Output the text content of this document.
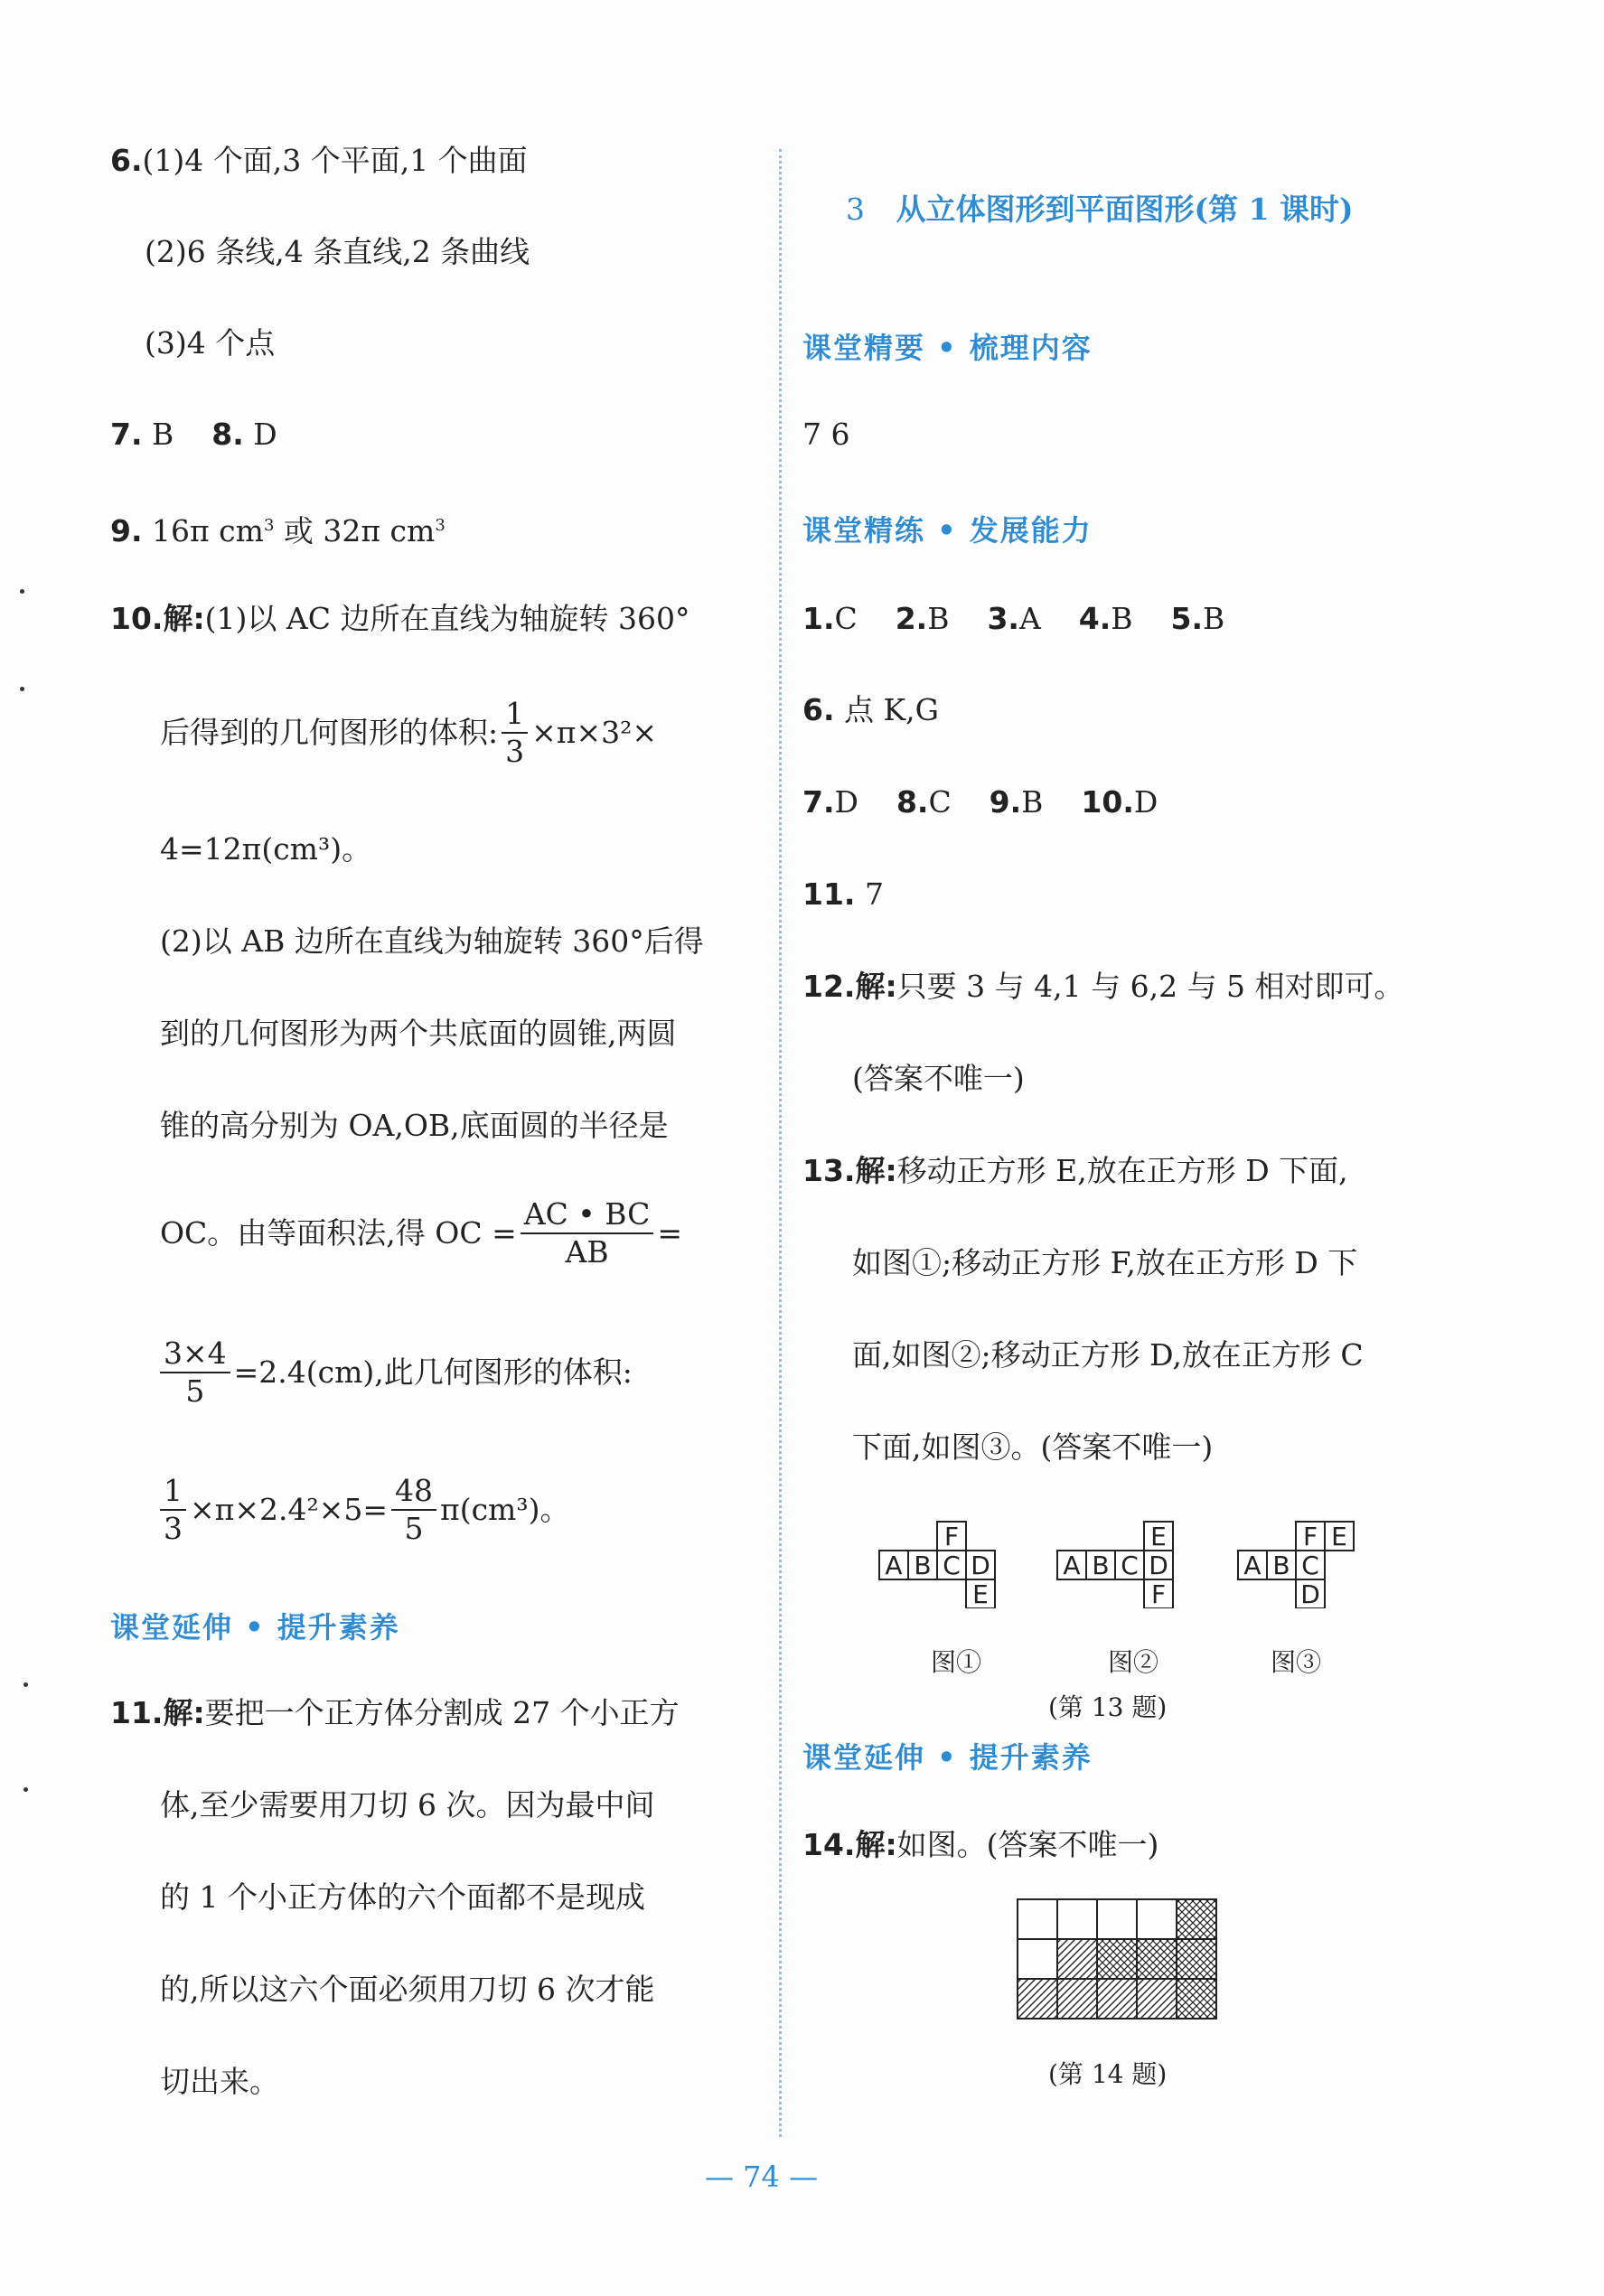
6.(1)4 个面,3 个平面,1 个曲面
(2)6 条线,4 条直线,2 条曲线
(3)4 个点
7. B 8. D
9. 16π $cm^3$ 或 32π $cm^3$
10.解:(1)以 AC 边所在直线为轴旋转 360°
后得到的几何图形的体积: $\frac{1}{3} \times\pi\times 3^2\times$
4=12π(cm³)。
(2)以 AB 边所在直线为轴旋转 360°后得
到的几何图形为两个共底面的圆锥,两圆
锥的高分别为 OA,OB,底面圆的半径是
OC。由等面积法,得 OC = $\frac{AC • BC}{AB}$ =
$\frac{3\times 4}{5} =2.4(cm)$,此几何图形的体积:
$\frac{1}{3} \times\pi\times 2.4^2\times 5= \frac{48}{5} \pi(cm^3)$。
课堂延伸 • 提升素养
11.解:要把一个正方体分割成 27 个小正方
体,至少需要用刀切 6 次。因为最中间
的 1 个小正方体的六个面都不是现成
的,所以这六个面必须用刀切 6 次才能
切出来。
3 从立体图形到平面图形(第 1 课时)
课堂精要 • 梳理内容
7 6
课堂精练 • 发展能力
1.C 2.B 3.A 4.B 5.B
6. 点 K,G
7.D 8.C 9.B 10.D
11. 7
12.解:只要 3 与 4,1 与 6,2 与 5 相对即可。
(答案不唯一)
13.解:移动正方形 E,放在正方形 D 下面,
如图①;移动正方形 F,放在正方形 D 下
面,如图②;移动正方形 D,放在正方形 C
下面,如图③。(答案不唯一)
A B C D
F
E
A B C D
E
F
A B C
F E
D
图①	图②	图③
(第 13 题)
课堂延伸 • 提升素养
14.解:如图。(答案不唯一)
(第 14 题)
— 74 —
